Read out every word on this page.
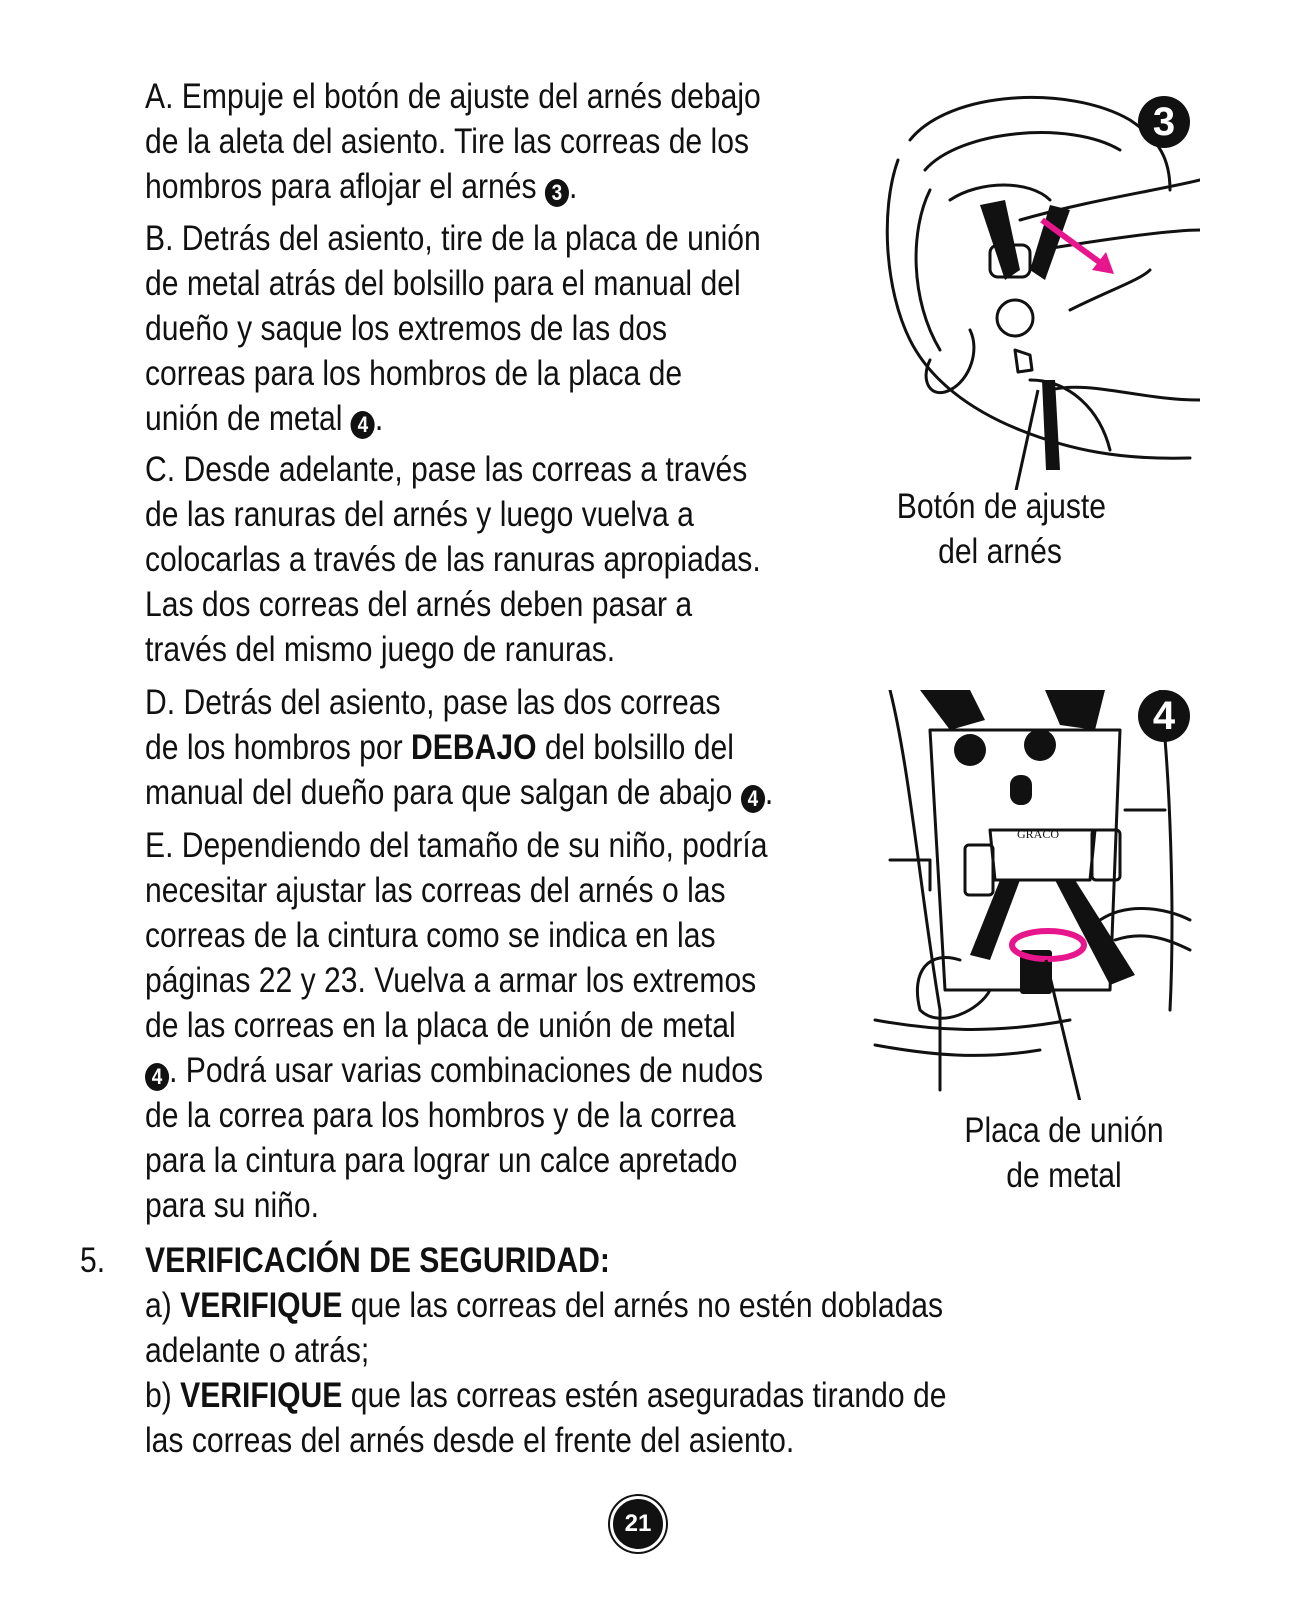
A. Empuje el botón de ajuste del arnés debajo
de la aleta del asiento. Tire las correas de los
hombros para aflojar el arnés 3 .
B. Detrás del asiento, tire de la placa de unión
de metal atrás del bolsillo para el manual del
dueño y saque los extremos de las dos
correas para los hombros de la placa de
unión de metal 4 .
C. Desde adelante, pase las correas a través
de las ranuras del arnés y luego vuelva a
colocarlas a través de las ranuras apropiadas.
Las dos correas del arnés deben pasar a
través del mismo juego de ranuras.
D. Detrás del asiento, pase las dos correas
de los hombros por DEBAJO del bolsillo del
manual del dueño para que salgan de abajo 4 .
E. Dependiendo del tamaño de su niño, podría
necesitar ajustar las correas del arnés o las
correas de la cintura como se indica en las
páginas 22 y 23. Vuelva a armar los extremos
de las correas en la placa de unión de metal
4 . Podrá usar varias combinaciones de nudos
de la correa para los hombros y de la correa
para la cintura para lograr un calce apretado
para su niño.
5. VERIFICACIÓN DE SEGURIDAD:
a) VERIFIQUE que las correas del arnés no estén dobladas
adelante o atrás;
b) VERIFIQUE que las correas estén aseguradas tirando de
las correas del arnés desde el frente del asiento.
3
Botón de ajuste
del arnés
GRACO
4
Placa de unión
de metal
21
